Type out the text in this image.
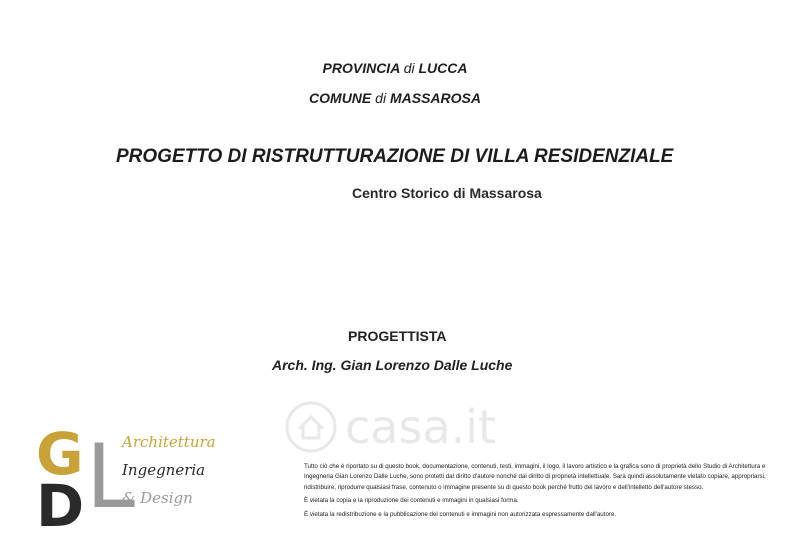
PROVINCIA di LUCCA
COMUNE di MASSAROSA
PROGETTO DI RISTRUTTURAZIONE DI VILLA RESIDENZIALE
Centro Storico di Massarosa
PROGETTISTA
Arch. Ing. Gian Lorenzo Dalle Luche
casa.it
G
D L
Architettura
Ingegneria
& Design

Tutto ciò che è riportato su di questo book, documentazione, contenuti, testi, immagini, il logo, il lavoro artistico e la grafica sono di proprietà dello Studio di Architettura e Ingegneria Gian Lorenzo Dalle Luche, sono protetti dal diritto d'autore nonché dal diritto di proprietà intellettuale. Sarà quindi assolutamente vietato copiare, appropriarsi, ridistribuire, riprodurre qualsiasi frase, contenuto o immagine presente su di questo book perché frutto del lavoro e dell'intelletto dell'autore stesso.

È vietata la copia e la riproduzione dei contenuti e immagini in qualsiasi forma.

È vietata la redistribuzione e la pubblicazione dei contenuti e immagini non autorizzata espressamente dall'autore.
